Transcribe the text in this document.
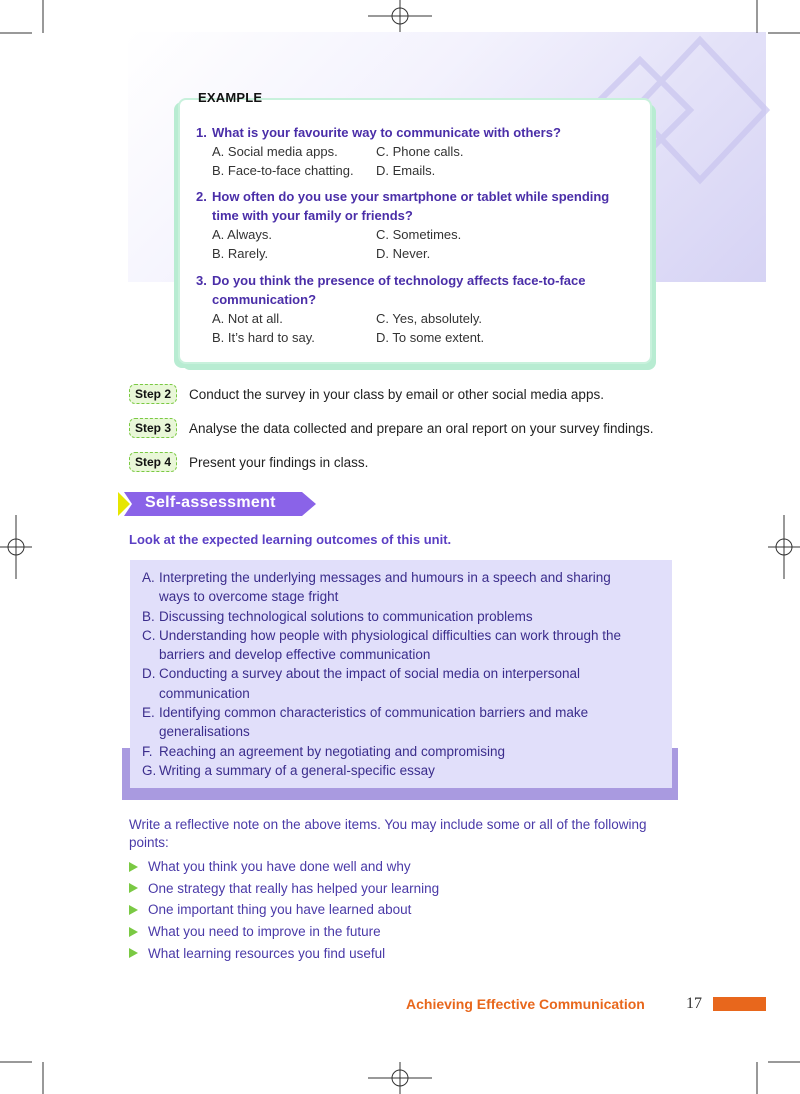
EXAMPLE
1. What is your favourite way to communicate with others?
A. Social media apps.	C. Phone calls.
B. Face-to-face chatting.	D. Emails.
2. How often do you use your smartphone or tablet while spending
time with your family or friends?
A. Always.	C. Sometimes.
B. Rarely.	D. Never.
3. Do you think the presence of technology affects face-to-face
communication?
A. Not at all.	C. Yes, absolutely.
B. It’s hard to say.	D. To some extent.
Step 2	Conduct the survey in your class by email or other social media apps.
Step 3	Analyse the data collected and prepare an oral report on your survey findings.
Step 4	Present your findings in class.
Self-assessment
Look at the expected learning outcomes of this unit.
A. Interpreting the underlying messages and humours in a speech and sharing
ways to overcome stage fright
B. Discussing technological solutions to communication problems
C. Understanding how people with physiological difficulties can work through the
barriers and develop effective communication
D. Conducting a survey about the impact of social media on interpersonal
communication
E. Identifying common characteristics of communication barriers and make
generalisations
F. Reaching an agreement by negotiating and compromising
G. Writing a summary of a general-specific essay
Write a reflective note on the above items. You may include some or all of the following points:
What you think you have done well and why
One strategy that really has helped your learning
One important thing you have learned about
What you need to improve in the future
What learning resources you find useful
Achieving Effective Communication	17
